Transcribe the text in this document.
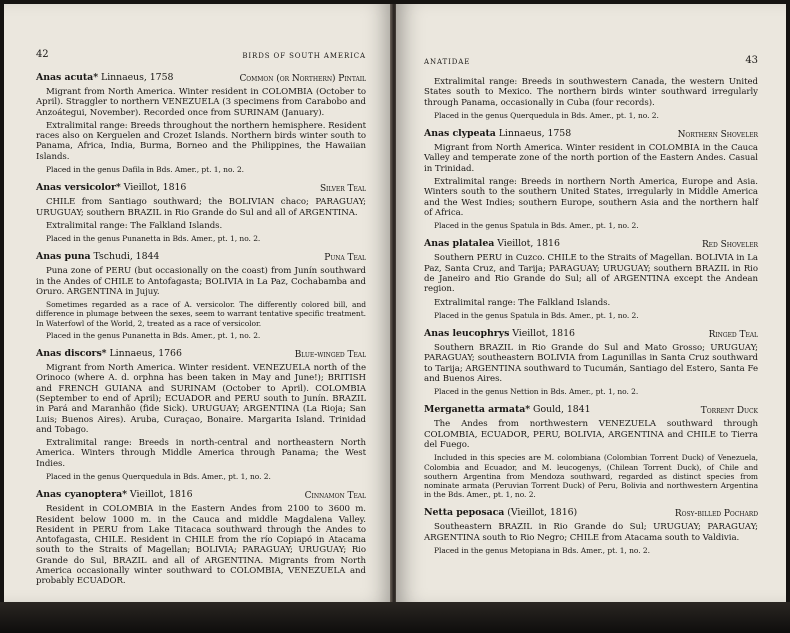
42	BIRDS OF SOUTH AMERICA
Anas acuta* Linnaeus, 1758	Common (or Northern) Pintail

Migrant from North America. Winter resident in COLOMBIA (October to April). Straggler to northern VENEZUELA (3 specimens from Carabobo and Anzoátegui, November). Recorded once from SURINAM (January).

Extralimital range: Breeds throughout the northern hemisphere. Resident races also on Kerguelen and Crozet Islands. Northern birds winter south to Panama, Africa, India, Burma, Borneo and the Philippines, the Hawaiian Islands.

Placed in the genus Dafila in Bds. Amer., pt. 1, no. 2.

Anas versicolor* Vieillot, 1816	Silver Teal

CHILE from Santiago southward; the BOLIVIAN chaco; PARAGUAY; URUGUAY; southern BRAZIL in Rio Grande do Sul and all of ARGENTINA.

Extralimital range: The Falkland Islands.

Placed in the genus Punanetta in Bds. Amer., pt. 1, no. 2.

Anas puna Tschudi, 1844	Puna Teal

Puna zone of PERU (but occasionally on the coast) from Junín southward in the Andes of CHILE to Antofagasta; BOLIVIA in La Paz, Cochabamba and Oruro. ARGENTINA in Jujuy.

Sometimes regarded as a race of A. versicolor. The differently colored bill, and difference in plumage between the sexes, seem to warrant tentative specific treatment. In Waterfowl of the World, 2, treated as a race of versicolor.

Placed in the genus Punanetta in Bds. Amer., pt. 1, no. 2.

Anas discors* Linnaeus, 1766	Blue-winged Teal

Migrant from North America. Winter resident. VENEZUELA north of the Orinoco (where A. d. orphna has been taken in May and June!); BRITISH and FRENCH GUIANA and SURINAM (October to April). COLOMBIA (September to end of April); ECUADOR and PERU south to Junín. BRAZIL in Pará and Maranhão (fide Sick). URUGUAY; ARGENTINA (La Rioja; San Luis; Buenos Aires). Aruba, Curaçao, Bonaire. Margarita Island. Trinidad and Tobago.

Extralimital range: Breeds in north-central and northeastern North America. Winters through Middle America through Panama; the West Indies.

Placed in the genus Querquedula in Bds. Amer., pt. 1, no. 2.

Anas cyanoptera* Vieillot, 1816	Cinnamon Teal

Resident in COLOMBIA in the Eastern Andes from 2100 to 3600 m. Resident below 1000 m. in the Cauca and middle Magdalena Valley. Resident in PERU from Lake Titacaca southward through the Andes to Antofagasta, CHILE. Resident in CHILE from the río Copiapó in Atacama south to the Straits of Magellan; BOLIVIA; PARAGUAY; URUGUAY; Rio Grande do Sul, BRAZIL and all of ARGENTINA. Migrants from North America occasionally winter southward to COLOMBIA, VENEZUELA and probably ECUADOR.

ANATIDAE	43

Extralimital range: Breeds in southwestern Canada, the western United States south to Mexico. The northern birds winter southward irregularly through Panama, occasionally in Cuba (four records).

Placed in the genus Querquedula in Bds. Amer., pt. 1, no. 2.

Anas clypeata Linnaeus, 1758	Northern Shoveler

Migrant from North America. Winter resident in COLOMBIA in the Cauca Valley and temperate zone of the north portion of the Eastern Andes. Casual in Trinidad.

Extralimital range: Breeds in northern North America, Europe and Asia. Winters south to the southern United States, irregularly in Middle America and the West Indies; southern Europe, southern Asia and the northern half of Africa.

Placed in the genus Spatula in Bds. Amer., pt. 1, no. 2.

Anas platalea Vieillot, 1816	Red Shoveler

Southern PERU in Cuzco. CHILE to the Straits of Magellan. BOLIVIA in La Paz, Santa Cruz, and Tarija; PARAGUAY; URUGUAY; southern BRAZIL in Rio de Janeiro and Rio Grande do Sul; all of ARGENTINA except the Andean region.

Extralimital range: The Falkland Islands.

Placed in the genus Spatula in Bds. Amer., pt. 1, no. 2.

Anas leucophrys Vieillot, 1816	Ringed Teal

Southern BRAZIL in Rio Grande do Sul and Mato Grosso; URUGUAY; PARAGUAY; southeastern BOLIVIA from Lagunillas in Santa Cruz southward to Tarija; ARGENTINA southward to Tucumán, Santiago del Estero, Santa Fe and Buenos Aires.

Placed in the genus Nettion in Bds. Amer., pt. 1, no. 2.

Merganetta armata* Gould, 1841	Torrent Duck

The Andes from northwestern VENEZUELA southward through COLOMBIA, ECUADOR, PERU, BOLIVIA, ARGENTINA and CHILE to Tierra del Fuego.

Included in this species are M. colombiana (Colombian Torrent Duck) of Venezuela, Colombia and Ecuador, and M. leucogenys, (Chilean Torrent Duck), of Chile and southern Argentina from Mendoza southward, regarded as distinct species from nominate armata (Peruvian Torrent Duck) of Peru, Bolivia and northwestern Argentina in the Bds. Amer., pt. 1, no. 2.

Netta peposaca (Vieillot, 1816)	Rosy-billed Pochard

Southeastern BRAZIL in Rio Grande do Sul; URUGUAY; PARAGUAY; ARGENTINA south to Rio Negro; CHILE from Atacama south to Valdivia.

Placed in the genus Metopiana in Bds. Amer., pt. 1, no. 2.
